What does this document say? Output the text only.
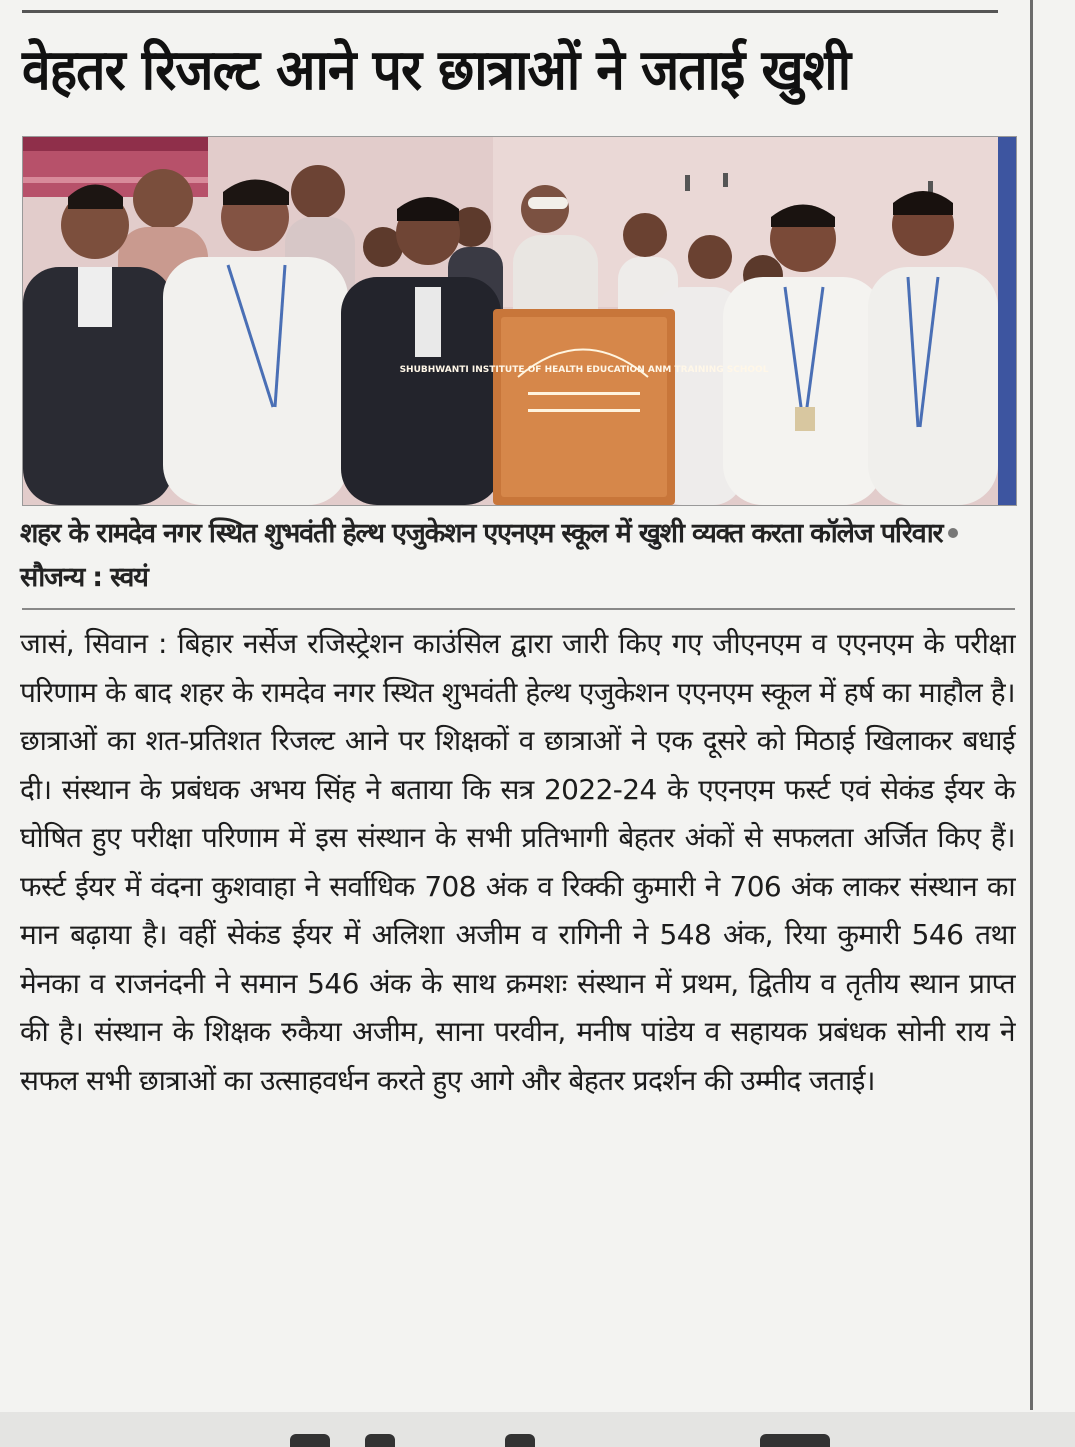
वेहतर रिजल्ट आने पर छात्राओं ने जताई खुशी
SHUBHWANTI INSTITUTE OF HEALTH EDUCATION ANM TRAINING SCHOOL
शहर के रामदेव नगर स्थित शुभवंती हेल्थ एजुकेशन एएनएम स्कूल में खुशी व्यक्त करता कॉलेज परिवारसौजन्य : स्वयं
जासं, सिवान : बिहार नर्सेज रजिस्ट्रेशन काउंसिल द्वारा जारी किए गए जीएनएम व एएनएम के परीक्षा परिणाम के बाद शहर के रामदेव नगर स्थित शुभवंती हेल्थ एजुकेशन एएनएम स्कूल में हर्ष का माहौल है। छात्राओं का शत-प्रतिशत रिजल्ट आने पर शिक्षकों व छात्राओं ने एक दूसरे को मिठाई खिलाकर बधाई दी। संस्थान के प्रबंधक अभय सिंह ने बताया कि सत्र 2022-24 के एएनएम फर्स्ट एवं सेकंड ईयर के घोषित हुए परीक्षा परिणाम में इस संस्थान के सभी प्रतिभागी बेहतर अंकों से सफलता अर्जित किए हैं। फर्स्ट ईयर में वंदना कुशवाहा ने सर्वाधिक 708 अंक व रिक्की कुमारी ने 706 अंक लाकर संस्थान का मान बढ़ाया है। वहीं सेकंड ईयर में अलिशा अजीम व रागिनी ने 548 अंक, रिया कुमारी 546 तथा मेनका व राजनंदनी ने समान 546 अंक के साथ क्रमशः संस्थान में प्रथम, द्वितीय व तृतीय स्थान प्राप्त की है। संस्थान के शिक्षक रुकैया अजीम, साना परवीन, मनीष पांडेय व सहायक प्रबंधक सोनी राय ने सफल सभी छात्राओं का उत्साहवर्धन करते हुए आगे और बेहतर प्रदर्शन की उम्मीद जताई।
